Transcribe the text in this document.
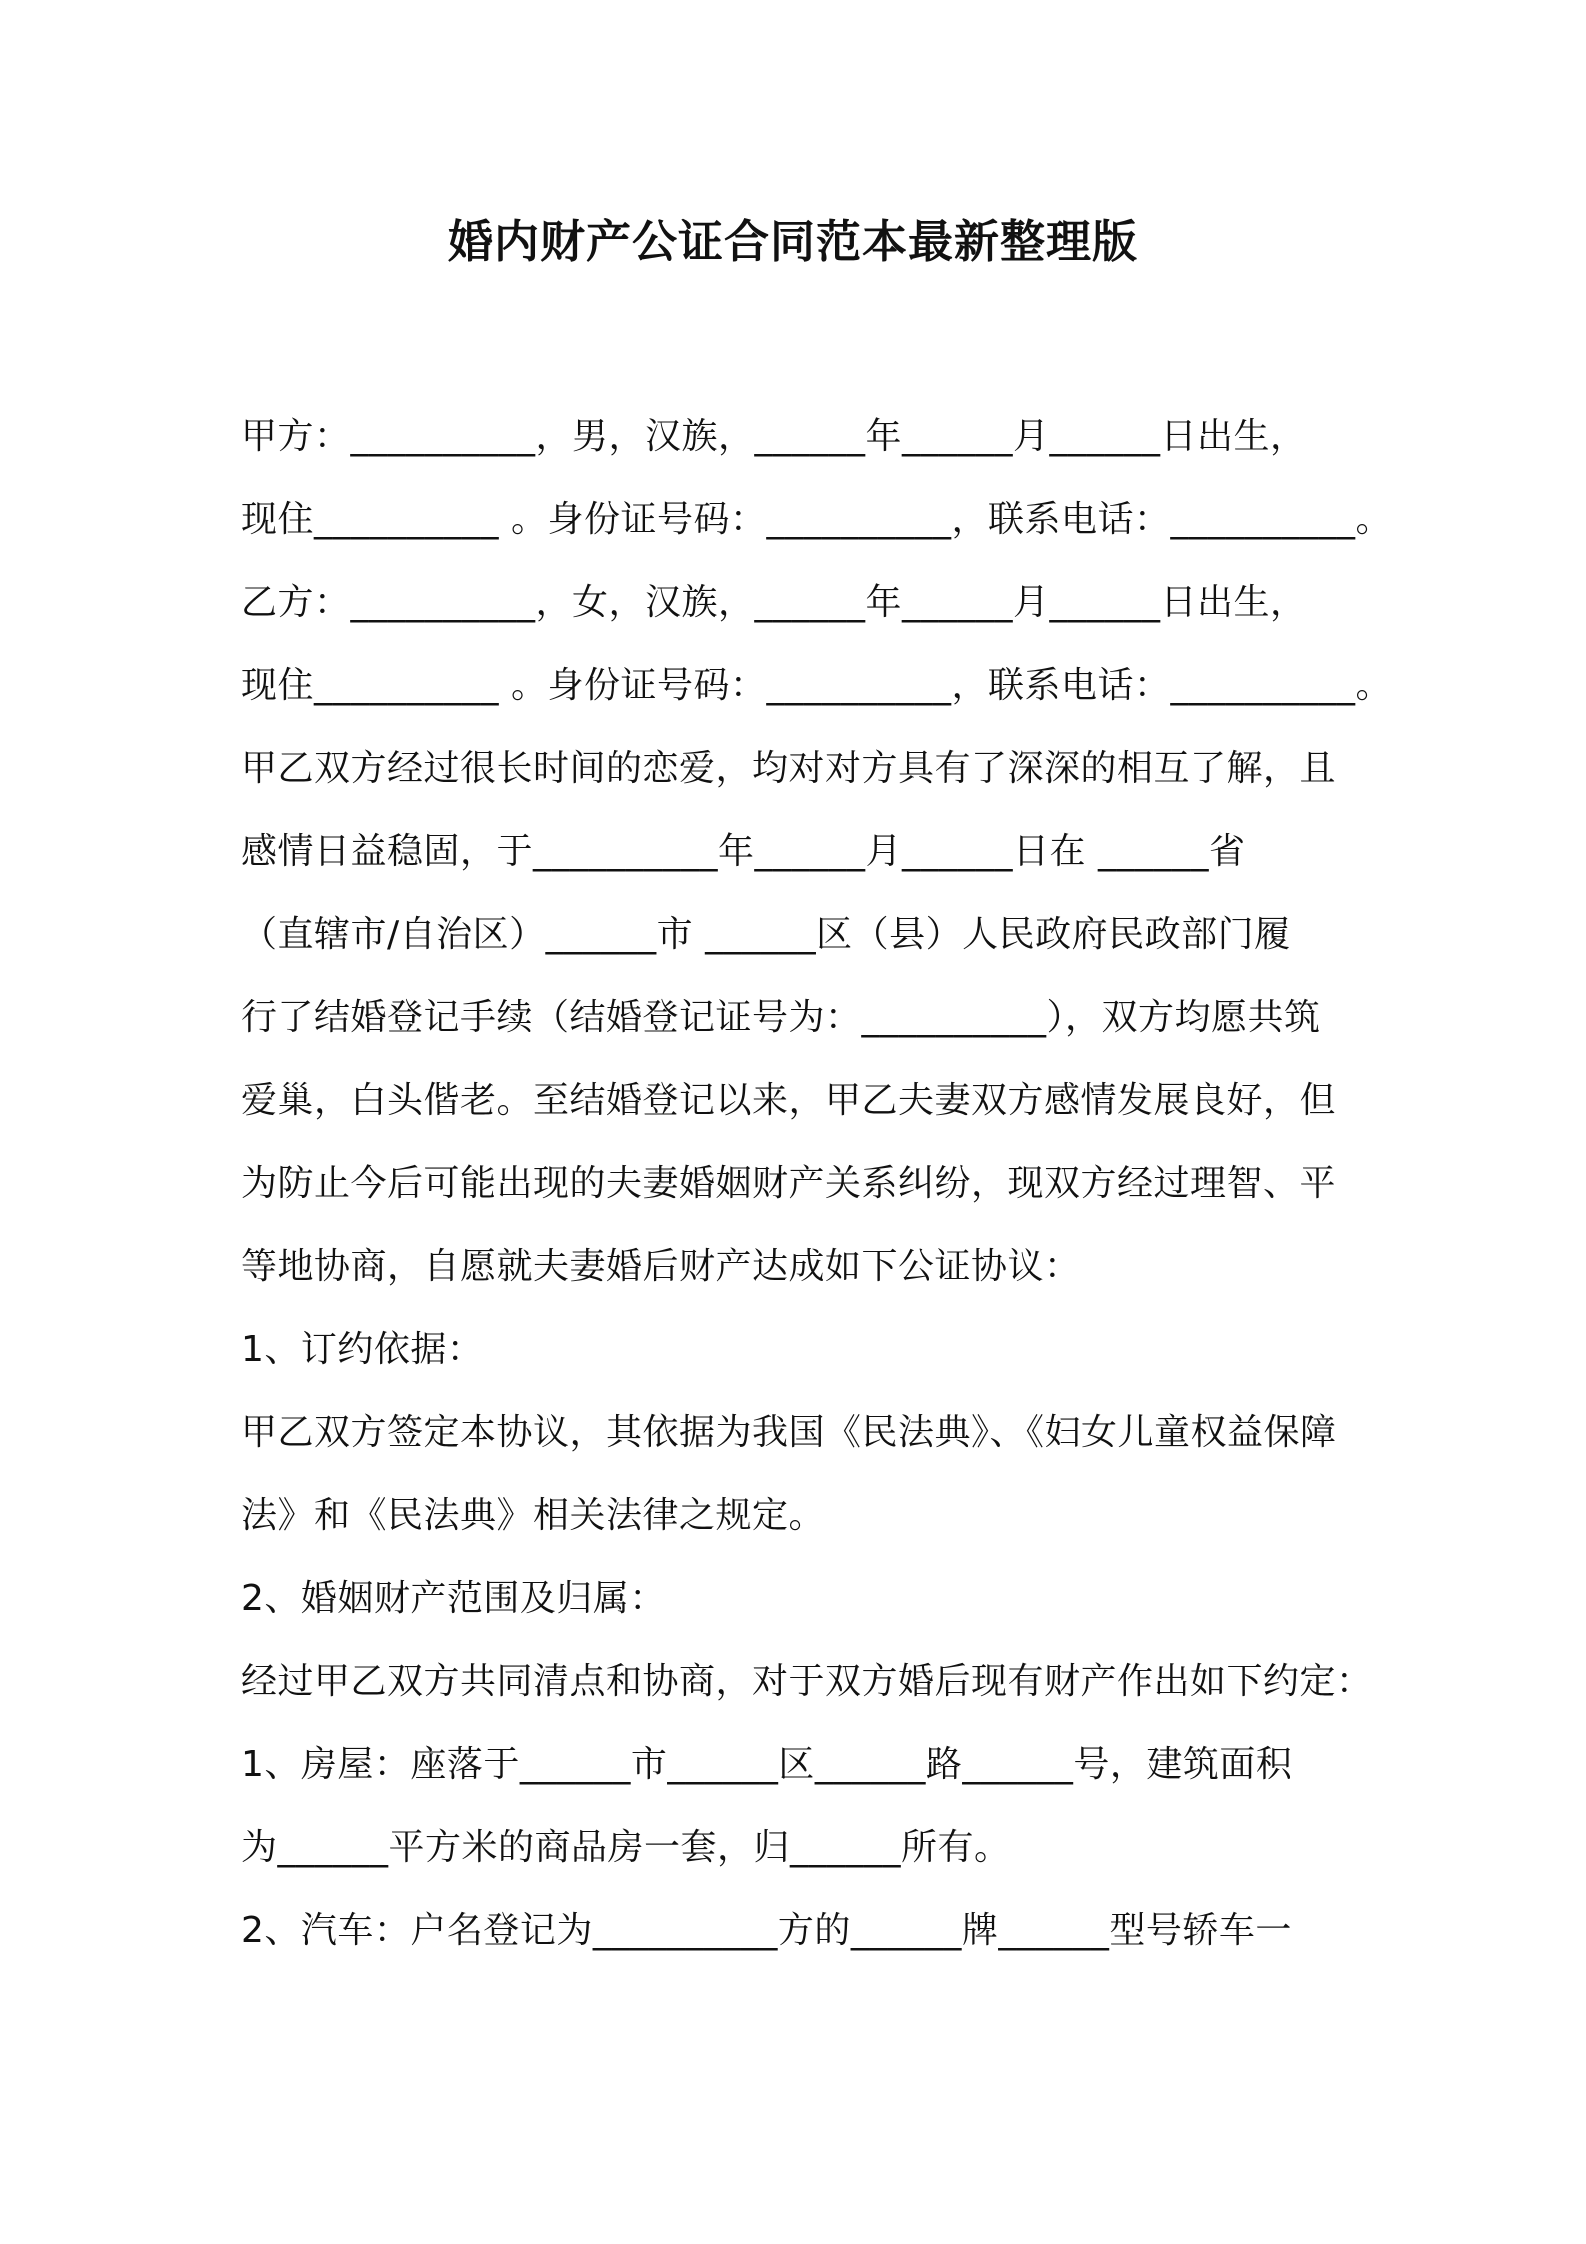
婚内财产公证合同范本最新整理版
甲方：__________，男，汉族，______年______月______日出生，
现住__________ 。身份证号码：__________，联系电话：__________。
乙方：__________，女，汉族，______年______月______日出生，
现住__________ 。身份证号码：__________，联系电话：__________。
甲乙双方经过很长时间的恋爱，均对对方具有了深深的相互了解，且
感情日益稳固，于__________年______月______日在 ______省
（直辖市/自治区）______市 ______区（县）人民政府民政部门履
行了结婚登记手续（结婚登记证号为：__________），双方均愿共筑
爱巢，白头偕老。至结婚登记以来，甲乙夫妻双方感情发展良好，但
为防止今后可能出现的夫妻婚姻财产关系纠纷，现双方经过理智、平
等地协商，自愿就夫妻婚后财产达成如下公证协议：
1、订约依据：
甲乙双方签定本协议，其依据为我国《民法典》、《妇女儿童权益保障
法》和《民法典》相关法律之规定。
2、婚姻财产范围及归属：
经过甲乙双方共同清点和协商，对于双方婚后现有财产作出如下约定：
1、房屋：座落于______市______区______路______号，建筑面积
为______平方米的商品房一套，归______所有。
2、汽车：户名登记为__________方的______牌______型号轿车一
